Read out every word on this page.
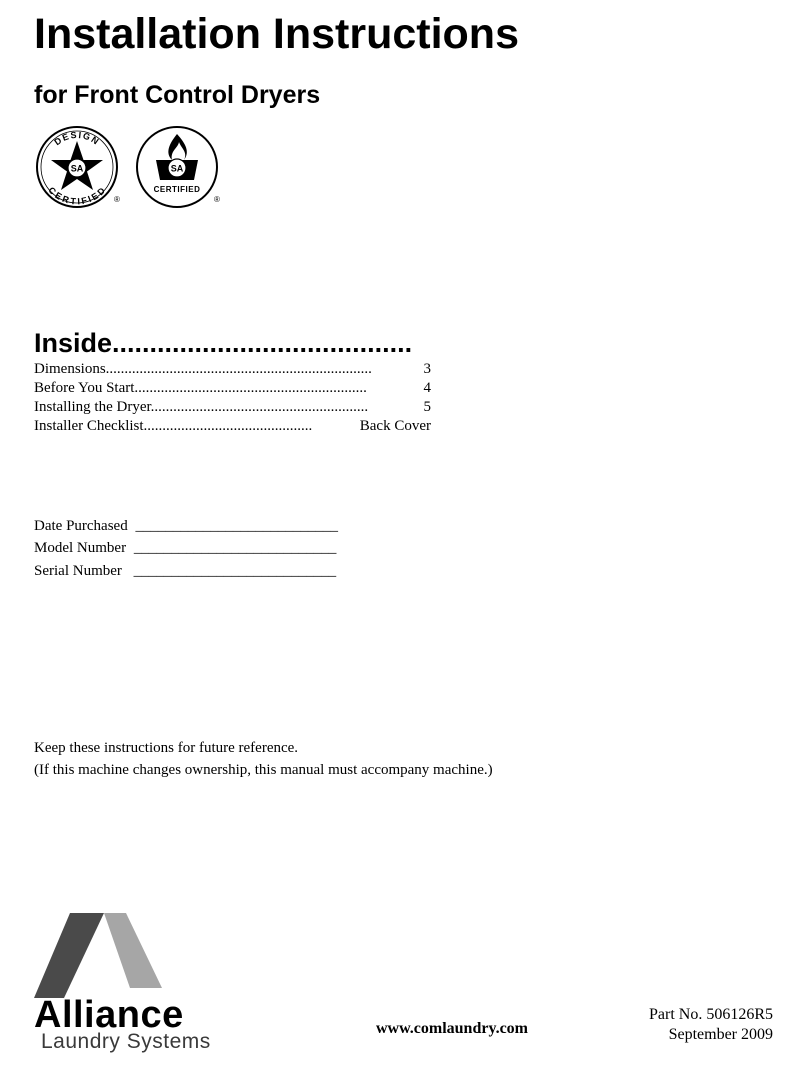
Installation Instructions
for Front Control Dryers
SA
DESIGN
CERTIFIED
®
SA
CERTIFIED
®
Inside........................................
Dimensions.......................................................................	3
Before You Start..............................................................	4
Installing the Dryer..........................................................	5
Installer Checklist.............................................	Back Cover
Date Purchased ___________________________
Model Number ___________________________
Serial Number ___________________________
Keep these instructions for future reference.
(If this machine changes ownership, this manual must accompany machine.)
Alliance
Laundry Systems
www.comlaundry.com
Part No. 506126R5
September 2009
